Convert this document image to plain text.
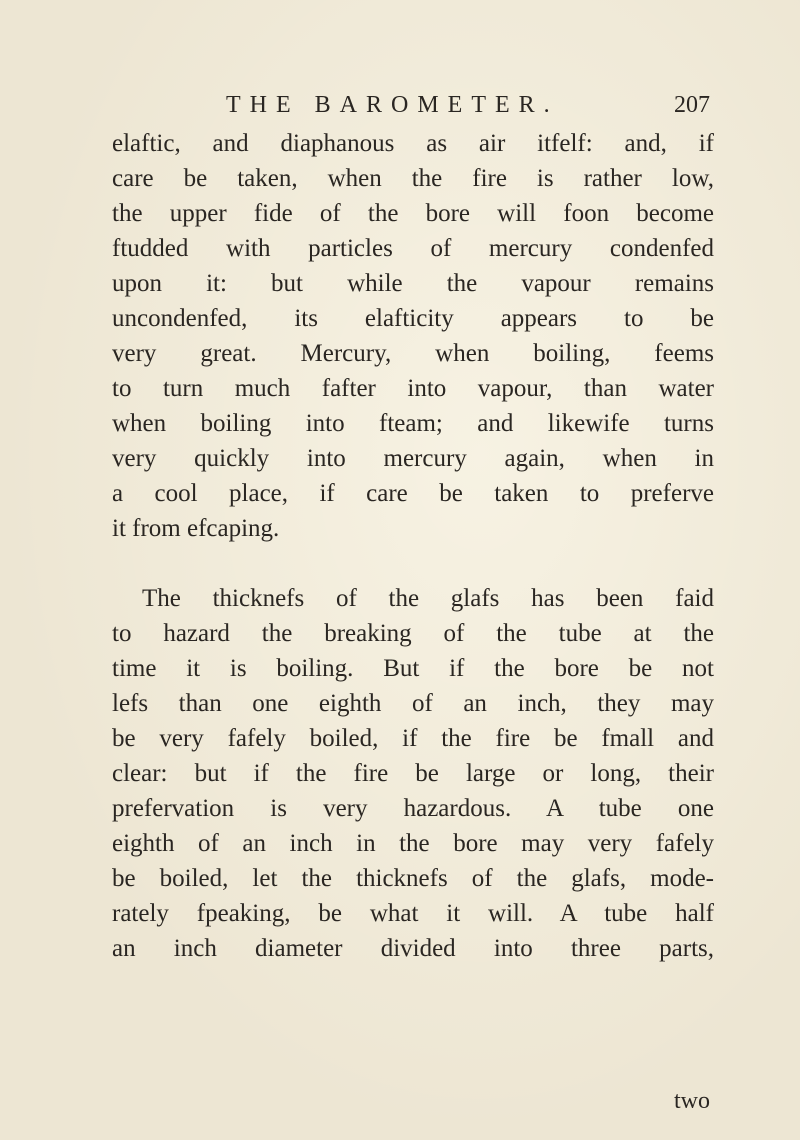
THE BAROMETER.	207
elaftic, and diaphanous as air itfelf: and, if
care be taken, when the fire is rather low,
the upper fide of the bore will foon become
ftudded with particles of mercury condenfed
upon it: but while the vapour remains
uncondenfed, its elafticity appears to be
very great. Mercury, when boiling, feems
to turn much fafter into vapour, than water
when boiling into fteam; and likewife turns
very quickly into mercury again, when in
a cool place, if care be taken to preferve
it from efcaping.
The thicknefs of the glafs has been faid
to hazard the breaking of the tube at the
time it is boiling. But if the bore be not
lefs than one eighth of an inch, they may
be very fafely boiled, if the fire be fmall and
clear: but if the fire be large or long, their
prefervation is very hazardous. A tube one
eighth of an inch in the bore may very fafely
be boiled, let the thicknefs of the glafs, mode-
rately fpeaking, be what it will. A tube half
an inch diameter divided into three parts,
two
